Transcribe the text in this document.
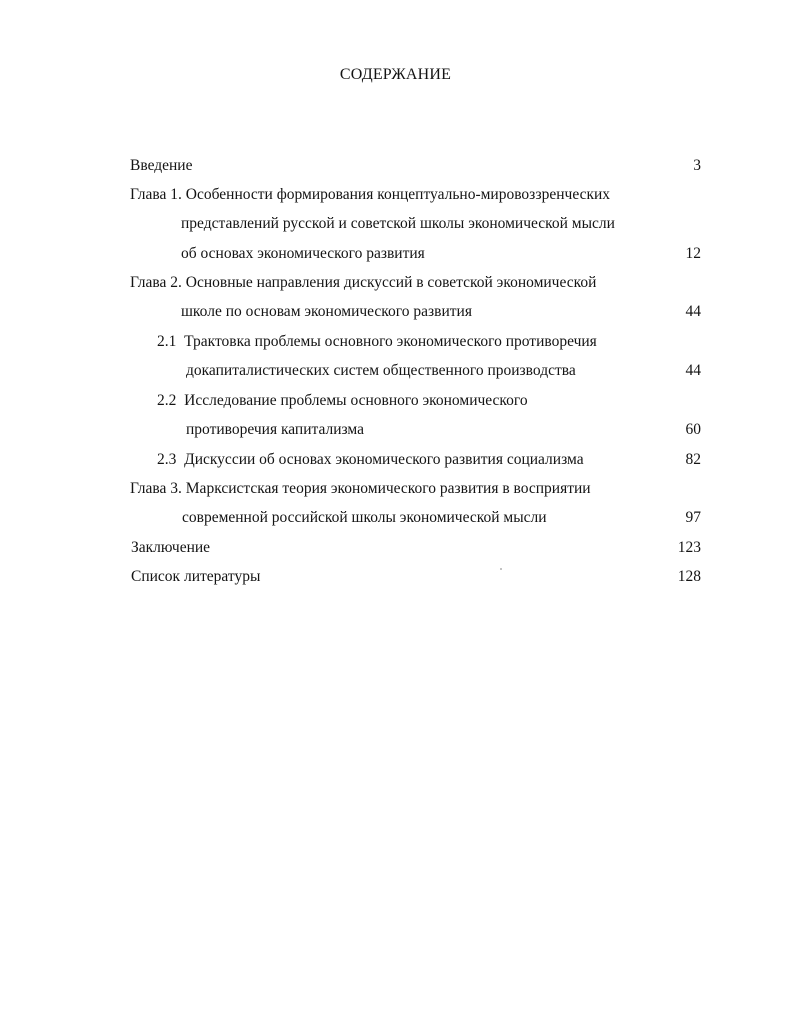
СОДЕРЖАНИЕ
Введение	3
Глава 1. Особенности формирования концептуально-мировоззренческих
представлений русской и советской школы экономической мысли
об основах экономического развития	12
Глава 2. Основные направления дискуссий в советской экономической
школе по основам экономического развития	44
2.1 Трактовка проблемы основного экономического противоречия
докапиталистических систем общественного производства	44
2.2 Исследование проблемы основного экономического
противоречия капитализма	60
2.3 Дискуссии об основах экономического развития социализма	82
Глава 3. Марксистская теория экономического развития в восприятии
современной российской школы экономической мысли	97
Заключение	123
Список литературы	128
